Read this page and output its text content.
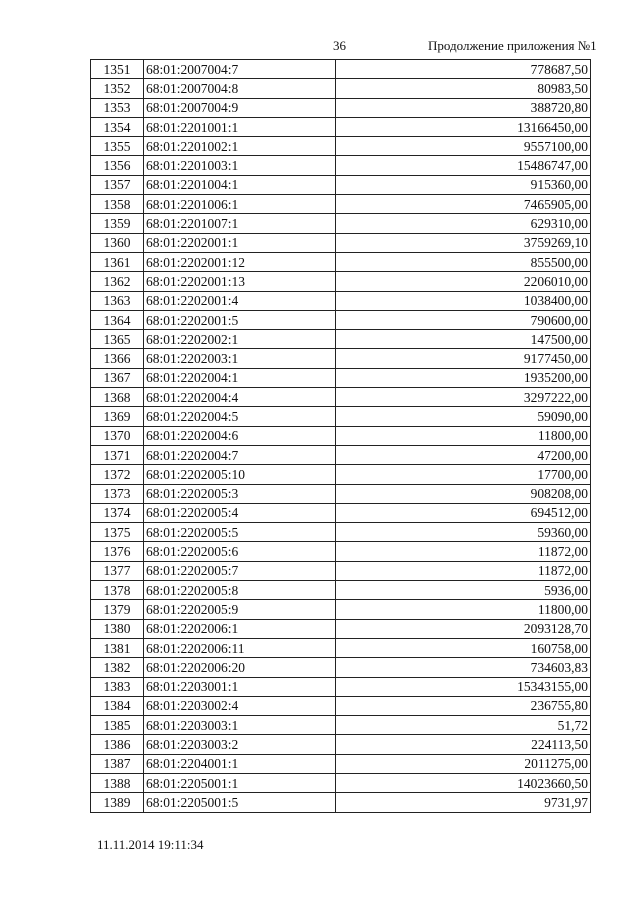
36	Продолжение приложения №1
1351	68:01:2007004:7	778687,50
1352	68:01:2007004:8	80983,50
1353	68:01:2007004:9	388720,80
1354	68:01:2201001:1	13166450,00
1355	68:01:2201002:1	9557100,00
1356	68:01:2201003:1	15486747,00
1357	68:01:2201004:1	915360,00
1358	68:01:2201006:1	7465905,00
1359	68:01:2201007:1	629310,00
1360	68:01:2202001:1	3759269,10
1361	68:01:2202001:12	855500,00
1362	68:01:2202001:13	2206010,00
1363	68:01:2202001:4	1038400,00
1364	68:01:2202001:5	790600,00
1365	68:01:2202002:1	147500,00
1366	68:01:2202003:1	9177450,00
1367	68:01:2202004:1	1935200,00
1368	68:01:2202004:4	3297222,00
1369	68:01:2202004:5	59090,00
1370	68:01:2202004:6	11800,00
1371	68:01:2202004:7	47200,00
1372	68:01:2202005:10	17700,00
1373	68:01:2202005:3	908208,00
1374	68:01:2202005:4	694512,00
1375	68:01:2202005:5	59360,00
1376	68:01:2202005:6	11872,00
1377	68:01:2202005:7	11872,00
1378	68:01:2202005:8	5936,00
1379	68:01:2202005:9	11800,00
1380	68:01:2202006:1	2093128,70
1381	68:01:2202006:11	160758,00
1382	68:01:2202006:20	734603,83
1383	68:01:2203001:1	15343155,00
1384	68:01:2203002:4	236755,80
1385	68:01:2203003:1	51,72
1386	68:01:2203003:2	224113,50
1387	68:01:2204001:1	2011275,00
1388	68:01:2205001:1	14023660,50
1389	68:01:2205001:5	9731,97
11.11.2014 19:11:34
